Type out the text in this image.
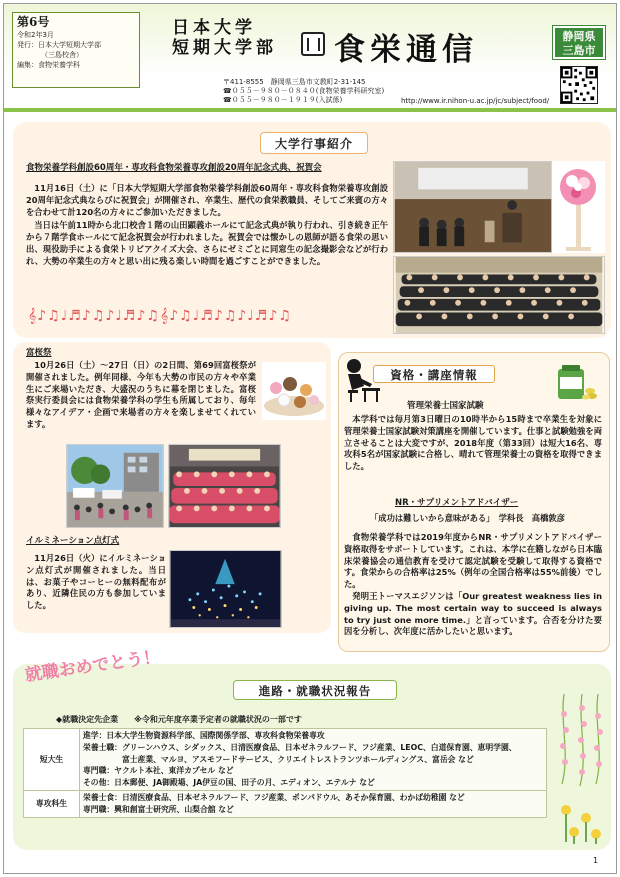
第6号
令和2年3月
発行：日本大学短期大学部
（三島校舎）
編集：食物栄養学科
日本大学
短期大学部 食栄通信
〒411-8555　静岡県三島市文教町2-31-145
☎０５５－９８０－０８４０(食物栄養学科研究室)
☎０５５－９８０－１９１９(入試係)	http://www.ir.nihon-u.ac.jp/jc/subject/food/
静岡県
三島市
大学行事紹介
食物栄養学科創設60周年・専攻科食物栄養専攻創設20周年記念式典、祝賀会

11月16日（土）に「日本大学短期大学部食物栄養学科創設60周年・専攻科食物栄養専攻創設20周年記念式典ならびに祝賀会」が開催され、卒業生、歴代の食栄教職員、そしてご来賓の方々を合わせて計120名の方々にご参加いただきました。

当日は午前11時から北口校舎１階の山田顕義ホールにて記念式典が執り行われ、引き続き正午から７階学食ホールにて記念祝賀会が行われました。祝賀会では懐かしの恩師が語る食栄の思い出、現役助手による食栄トリビアクイズ大会、さらにゼミごとに同窓生の記念撮影会などが行われ、大勢の卒業生の方々と思い出に残る楽しい時間を過ごすことができました。

𝄞♪♫♩♬♪♫♪♩♬♪♫𝄞♪♫♩♬♪♫♪♩♬♪♫
富桜祭

10月26日（土）～27日（日）の2日間、第69回富桜祭が開催されました。例年同様、今年も大勢の市民の方々や卒業生にご来場いただき、大盛況のうちに幕を閉じました。富桜祭実行委員会には食物栄養学科の学生も所属しており、毎年様々なアイデア・企画で来場者の方々を楽しませてくれています。

イルミネーション点灯式

11月26日（火）にイルミネーション点灯式が開催されました。当日は、お菓子やコーヒーの無料配布があり、近隣住民の方も参加していました。

資格・講座情報
管理栄養士国家試験

本学科では毎月第3日曜日の10時半から15時まで卒業生を対象に管理栄養士国家試験対策講座を開催しています。仕事と試験勉強を両立させることは大変ですが、2018年度（第33回）は短大16名、専攻科5名が国家試験に合格し、晴れて管理栄養士の資格を取得できました。

NR・サプリメントアドバイザー
「成功は難しいから意味がある」　学科長　高橋敦彦

食物栄養学科では2019年度からNR・サプリメントアドバイザー資格取得をサポートしています。これは、本学に在籍しながら日本臨床栄養協会の通信教育を受けて認定試験を受験して取得する資格です。食栄からの合格率は25%（例年の全国合格率は55%前後）でした。

発明王トーマスエジソンは「Our greatest weakness lies in giving up. The most certain way to succeed is always to try just one more time.」と言っています。合否を分けた要因を分析し、次年度に活かしたいと思います。

就職おめでとう！
進路・就職状況報告
◆就職決定先企業　　※令和元年度卒業予定者の就職状況の一部です
短大生	進学：日本大学生物資源科学部、国際関係学部、専攻科食物栄養専攻
栄養士職：グリーンハウス、シダックス、日清医療食品、日本ゼネラルフード、フジ産業、LEOC、白道保育園、恵明学園、
　　　　　富士産業、マルヨ、アスモフードサービス、クリエイトレストランツホールディングス、富岳会 など
専門職：ヤクルト本社、東洋カプセル など
その他：日本郵便、JA御殿場、JA伊豆の国、田子の月、エディオン、エテルナ など

専攻科生	栄養士食：日清医療食品、日本ゼネラルフード、フジ産業、ポンパドウル、あそか保育園、わかば幼稚園 など
専門職：興和創富士研究所、山梨合舘 など
1
